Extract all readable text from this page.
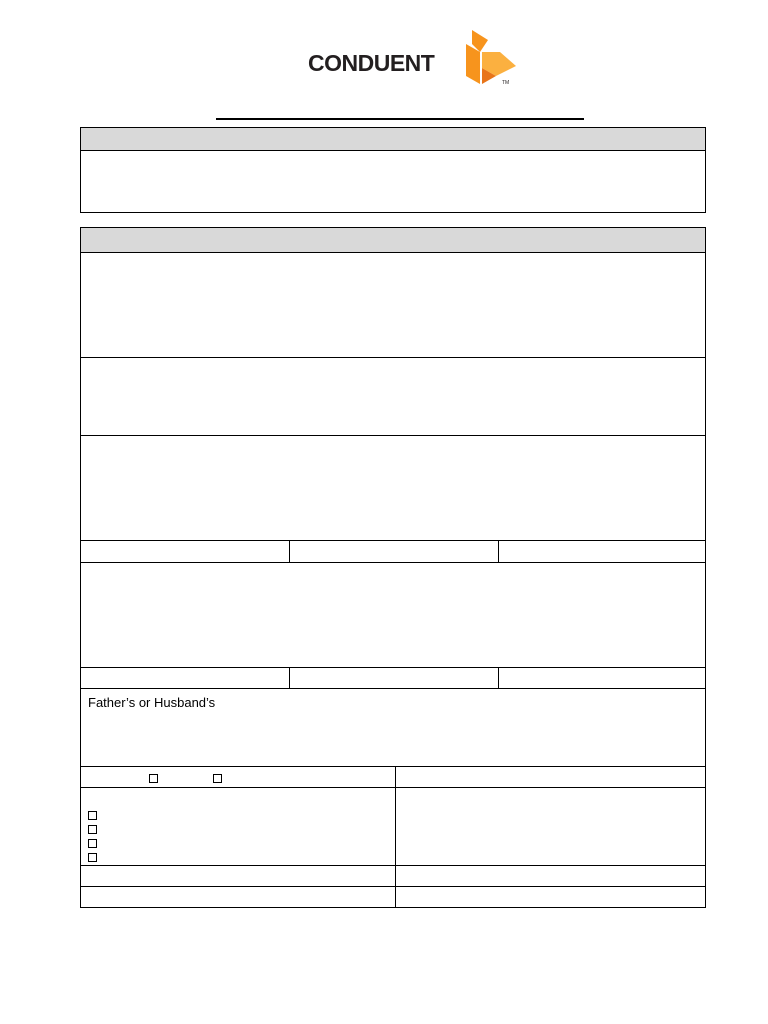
CONDUENT
TM
Father’s or Husband’s
